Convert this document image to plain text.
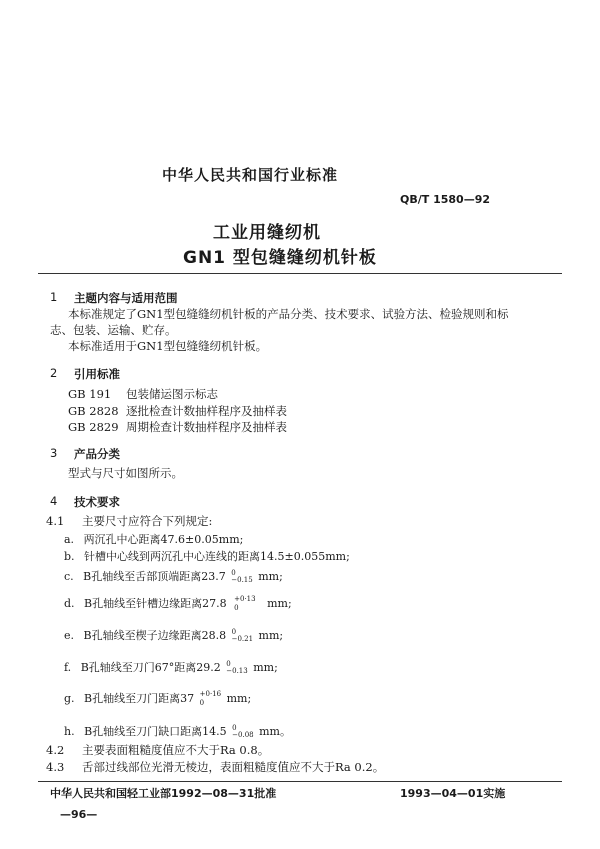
中华人民共和国行业标准
QB/T 1580—92
工业用缝纫机
GN1 型包缝缝纫机针板
1 主题内容与适用范围
本标准规定了GN1型包缝缝纫机针板的产品分类、技术要求、试验方法、检验规则和标
志、包装、运输、贮存。
本标准适用于GN1型包缝缝纫机针板。
2 引用标准
GB 191 包装储运图示标志
GB 2828 逐批检查计数抽样程序及抽样表
GB 2829 周期检查计数抽样程序及抽样表
3 产品分类
型式与尺寸如图所示。
4 技术要求
4.1 主要尺寸应符合下列规定:
a. 两沉孔中心距离47.6±0.05mm;
b. 针槽中心线到两沉孔中心连线的距离14.5±0.055mm;
c. B孔轴线至舌部顶端距离23.7 0
−0.15 mm;
d. B孔轴线至针槽边缘距离27.8 +0·13
0	mm;
e. B孔轴线至楔子边缘距离28.8 0
−0.21 mm;
f. B孔轴线至刀门67°距离29.2 0
−0.13 mm;
g. B孔轴线至刀门距离37 +0·16
0	mm;
h. B孔轴线至刀门缺口距离14.5 0
−0.08 mm。
4.2 主要表面粗糙度值应不大于Ra 0.8。
4.3 舌部过线部位光滑无棱边，表面粗糙度值应不大于Ra 0.2。
中华人民共和国轻工业部1992—08—31批准	1993—04—01实施
—96—
